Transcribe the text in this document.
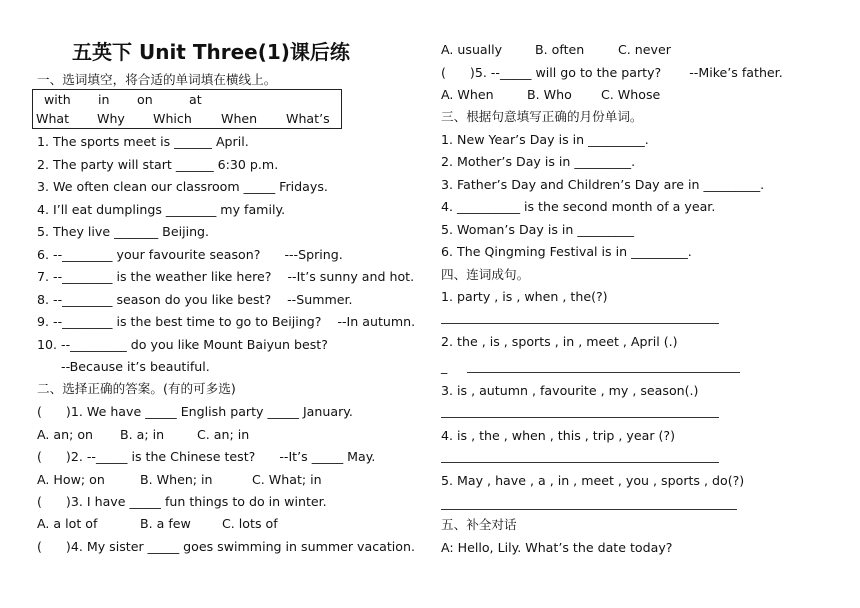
五英下 Unit Three(1)课后练
一、选词填空，将合适的单词填在横线上。
with in on	at
What Why Which When What’s
1. The sports meet is ______ April.
2. The party will start ______ 6:30 p.m.
3. We often clean our classroom _____ Fridays.
4. I’ll eat dumplings ________ my family.
5. They live _______ Beijing.
6. --________ your favourite season?      ---Spring.
7. --________ is the weather like here?    --It’s sunny and hot.
8. --________ season do you like best?    --Summer.
9. --________ is the best time to go to Beijing?    --In autumn.
10. --_________ do you like Mount Baiyun best?
--Because it’s beautiful.
二、选择正确的答案。(有的可多选)
(      )1. We have _____ English party _____ January.
A. an; on B. a; in	C. an; in
(      )2. --_____ is the Chinese test?      --It’s _____ May.
A. How; on	B. When; in	C. What; in
(      )3. I have _____ fun things to do in winter.
A. a lot of	B. a few C. lots of
(      )4. My sister _____ goes swimming in summer vacation.
A. usually	B. often	C. never
(      )5. --_____ will go to the party?       --Mike’s father.
A. When	B. Who C. Whose
三、根据句意填写正确的月份单词。
1. New Year’s Day is in _________.
2. Mother’s Day is in _________.
3. Father’s Day and Children’s Day are in _________.
4. __________ is the second month of a year.
5. Woman’s Day is in _________
6. The Qingming Festival is in _________.
四、连词成句。
1. party , is , when , the(?)
2. the , is , sports , in , meet , April (.)
_
3. is , autumn , favourite , my , season(.)
4. is , the , when , this , trip , year (?)
5. May , have , a , in , meet , you , sports , do(?)
五、补全对话
A: Hello, Lily. What’s the date today?
